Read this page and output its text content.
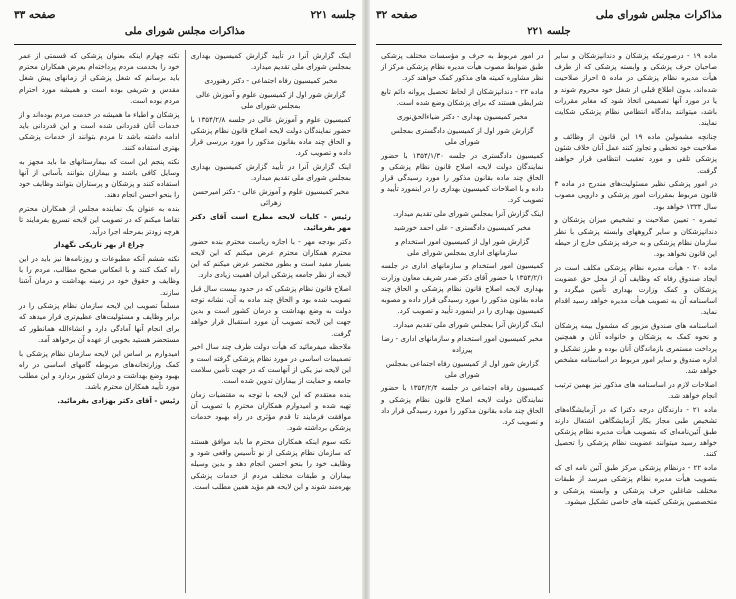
جلسه ۲۲۱
صفحه ۳۳
مذاکرات مجلس شورای ملی

اینک گزارش آنرا در تأیید گزارش کمیسیون بهداری بمجلس شورای ملی تقدیم میدارد.

مخبر کمیسیون رفاه اجتماعی - دکتر رهنوردی

گزارش شور اول از کمیسیون علوم و آموزش عالی بمجلس شورای ملی

کمیسیون علوم و آموزش عالی در جلسه ۱۳۵۴/۲/۸ با حضور نمایندگان دولت لایحه اصلاح قانون نظام پزشکی و الحاق چند ماده بقانون مذکور را مورد بررسی قرار داده و تصویب کرد.

اینک گزارش آنرا در تأیید گزارش کمیسیون بهداری بمجلس شورای ملی تقدیم میدارد.

مخبر کمیسیون علوم و آموزش عالی - دکتر امیرحسن زهرائی

رئیس - کلیات لایحه مطرح است آقای دکتر مهر بفرمائید.

دکتر بودجه مهر - با اجازه ریاست محترم بنده حضور محترم همکاران محترم عرض میکنم که این لایحه بسیار مفید است و بطور مختصر عرض میکنم که این لایحه از نظر جامعه پزشکی ایران اهمیت زیادی دارد.

اصلاح قانون نظام پزشکی که در حدود بیست سال قبل تصویب شده بود و الحاق چند ماده به آن، نشانه توجه دولت به وضع بهداشت و درمان کشور است و بدین جهت این لایحه تصویب آن مورد استقبال قرار خواهد گرفت.

ملاحظه میفرمائید که هیأت دولت ظرف چند سال اخیر تصمیمات اساسی در مورد نظام پزشکی گرفته است و این لایحه نیز یکی از آنهاست که در جهت تأمین سلامت جامعه و حمایت از بیماران تدوین شده است.

بنده معتقدم که این لایحه با توجه به مقتضیات زمان تهیه شده و امیدوارم همکاران محترم با تصویب آن موافقت فرمایند تا قدم مؤثری در راه بهبود خدمات پزشکی برداشته شود.

نکته سوم اینکه همکاران محترم ما باید موافق هستند که سازمان نظام پزشکی از نو تأسیس واقعی شود و وظایف خود را بنحو احسن انجام دهد و بدین وسیله بیماران و طبقات مختلف مردم از خدمات پزشکی بهره‌مند شوند و این لایحه هم مؤید همین مطلب است.

نکته چهارم اینکه بعنوان پزشکی که قسمتی از عمر خود را بخدمت مردم پرداخته‌ام بعرض همکاران محترم باید برسانم که شغل پزشکی از زمانهای پیش شغل مقدس و شریفی بوده است و همیشه مورد احترام مردم بوده است.

پزشکان و اطباء ما همیشه در خدمت مردم بوده‌اند و از خدمات آنان قدردانی شده است و این قدردانی باید ادامه داشته باشد تا مردم بتوانند از خدمات پزشکی بهتری استفاده کنند.

نکته پنجم این است که بیمارستانهای ما باید مجهز به وسایل کافی باشند و بیماران بتوانند بآسانی از آنها استفاده کنند و پزشکان و پرستاران بتوانند وظایف خود را بنحو احسن انجام دهند.

بنده به عنوان یک نماینده مجلس از همکاران محترم تقاضا میکنم که در تصویب این لایحه تسریع بفرمایند تا هرچه زودتر بمرحله اجرا درآید.

چراغ از بهر تاریکی نگهدار

نکته ششم آنکه مطبوعات و روزنامه‌ها نیز باید در این راه کمک کنند و با انعکاس صحیح مطالب، مردم را با وظایف و حقوق خود در زمینه بهداشت و درمان آشنا سازند.

مسلماً تصویب این لایحه سازمان نظام پزشکی را در برابر وظایف و مسئولیت‌های عظیم‌تری قرار میدهد که برای انجام آنها آمادگی دارد و انشاءالله همانطور که مستحضر هستید بخوبی از عهده آن برخواهد آمد.

امیدوارم بر اساس این لایحه سازمان نظام پزشکی با کمک وزارتخانه‌های مربوطه گامهای اساسی در راه بهبود وضع بهداشت و درمان کشور بردارد و این مطلب مورد تأیید همکاران محترم باشد.

رئیس - آقای دکتر بهزادی بفرمائید.

مذاکرات مجلس شورای ملی
صفحه ۳۲
جلسه ۲۲۱

ماده ۱۹ - درصورتیکه پزشکان و دندانپزشکان و سایر صاحبان حرف پزشکی و وابسته پزشکی که از طرف هیأت مدیره نظام پزشکی در ماده ۵ احراز صلاحیت شده‌اند، بدون اطلاع قبلی از شغل خود محروم شوند و یا در مورد آنها تصمیمی اتخاذ شود که مغایر مقررات باشد، میتوانند بدادگاه انتظامی نظام پزشکی شکایت نمایند.

چنانچه مشمولین ماده ۱۹ این قانون از وظائف و صلاحیت خود تخطی و تجاوز کنند عمل آنان خلاف شئون پزشکی تلقی و مورد تعقیب انتظامی قرار خواهند گرفت.

در امور پزشکی نظیر مسئولیت‌های مندرج در ماده ۳ قانون مربوط بمقررات امور پزشکی و دارویی مصوب سال ۱۳۳۴ خواهد بود.

تبصره - تعیین صلاحیت و تشخیص میزان پزشکان و دندانپزشکان و سایر گروههای وابسته پزشکی با نظر سازمان نظام پزشکی و به حرفه پزشکی خارج از حیطه این قانون نخواهد بود.

ماده ۲۰ - هیأت مدیره نظام پزشکی مکلف است در ایجاد صندوق رفاه که وظایف آن از محل حق عضویت پزشکان و کمک وزارت بهداری تأمین میگردد و اساسنامه آن به تصویب هیأت مدیره خواهد رسید اقدام نماید.

اساسنامه های صندوق مزبور که مشمول بیمه پزشکان و نحوه کمک به پزشکان و خانواده آنان و همچنین پرداخت مستمری بازماندگان آنان بوده و طرز تشکیل و اداره صندوق و سایر امور مربوط در اساسنامه مشخص خواهد شد.

اصلاحات لازم در اساسنامه های مذکور نیز بهمین ترتیب انجام خواهد شد.

ماده ۲۱ - دارندگان درجه دکترا که در آزمایشگاه‌های تشخیص طبی مجاز بکار آزمایشگاهی اشتغال دارند طبق آئین‌نامه‌ای که بتصویب هیأت مدیره نظام پزشکی خواهد رسید میتوانند عضویت نظام پزشکی را تحصیل کنند.

ماده ۲۲ - درنظام پزشکی مرکز طبق آئین نامه ای که بتصویب هیأت مدیره نظام پزشکی میرسد از طبقات مختلف شاغلین حرف پزشکی و وابسته پزشکی و متخصصین پزشکی کمیته های خاصی تشکیل میشود.

در امور مربوط به حرف و مؤسسات مختلف پزشکی طبق ضوابط مصوب هیأت مدیره نظام پزشکی مرکز از نظر مشاوره کمیته های مذکور کمک خواهند کرد.

ماده ۲۳ - دندانپزشکان از لحاظ تحصیل پروانه دائم تابع شرایطی هستند که برای پزشکان وضع شده است.

مخبر کمیسیون بهداری - دکتر ضیاءالحق‌نوری

گزارش شور اول از کمیسیون دادگستری بمجلس شورای ملی

کمیسیون دادگستری در جلسه ۱۳۵۴/۱/۳۰ با حضور نمایندگان دولت لایحه اصلاح قانون نظام پزشکی و الحاق چند ماده بقانون مذکور را مورد رسیدگی قرار داده و با اصلاحات کمیسیون بهداری را در اینمورد تأیید و تصویب کرد.

اینک گزارش آنرا بمجلس شورای ملی تقدیم میدارد.

مخبر کمیسیون دادگستری - علی احمد خورشید

گزارش شور اول از کمیسیون امور استخدام و سازمانهای اداری بمجلس شورای ملی

کمیسیون امور استخدام و سازمانهای اداری در جلسه ۱۳۵۴/۲/۱ با حضور آقای دکتر صدر شریف معاون وزارت بهداری لایحه اصلاح قانون نظام پزشکی و الحاق چند ماده بقانون مذکور را مورد رسیدگی قرار داده و مصوبه کمیسیون بهداری را در اینمورد تأیید و تصویب کرد.

اینک گزارش آنرا بمجلس شورای ملی تقدیم میدارد.

مخبر کمیسیون امور استخدام و سازمانهای اداری - رضا پیرزاده

گزارش شور اول از کمیسیون رفاه اجتماعی بمجلس شورای ملی

کمیسیون رفاه اجتماعی در جلسه ۱۳۵۴/۲/۴ با حضور نمایندگان دولت لایحه اصلاح قانون نظام پزشکی و الحاق چند ماده بقانون مذکور را مورد رسیدگی قرار داد و تصویب کرد.
